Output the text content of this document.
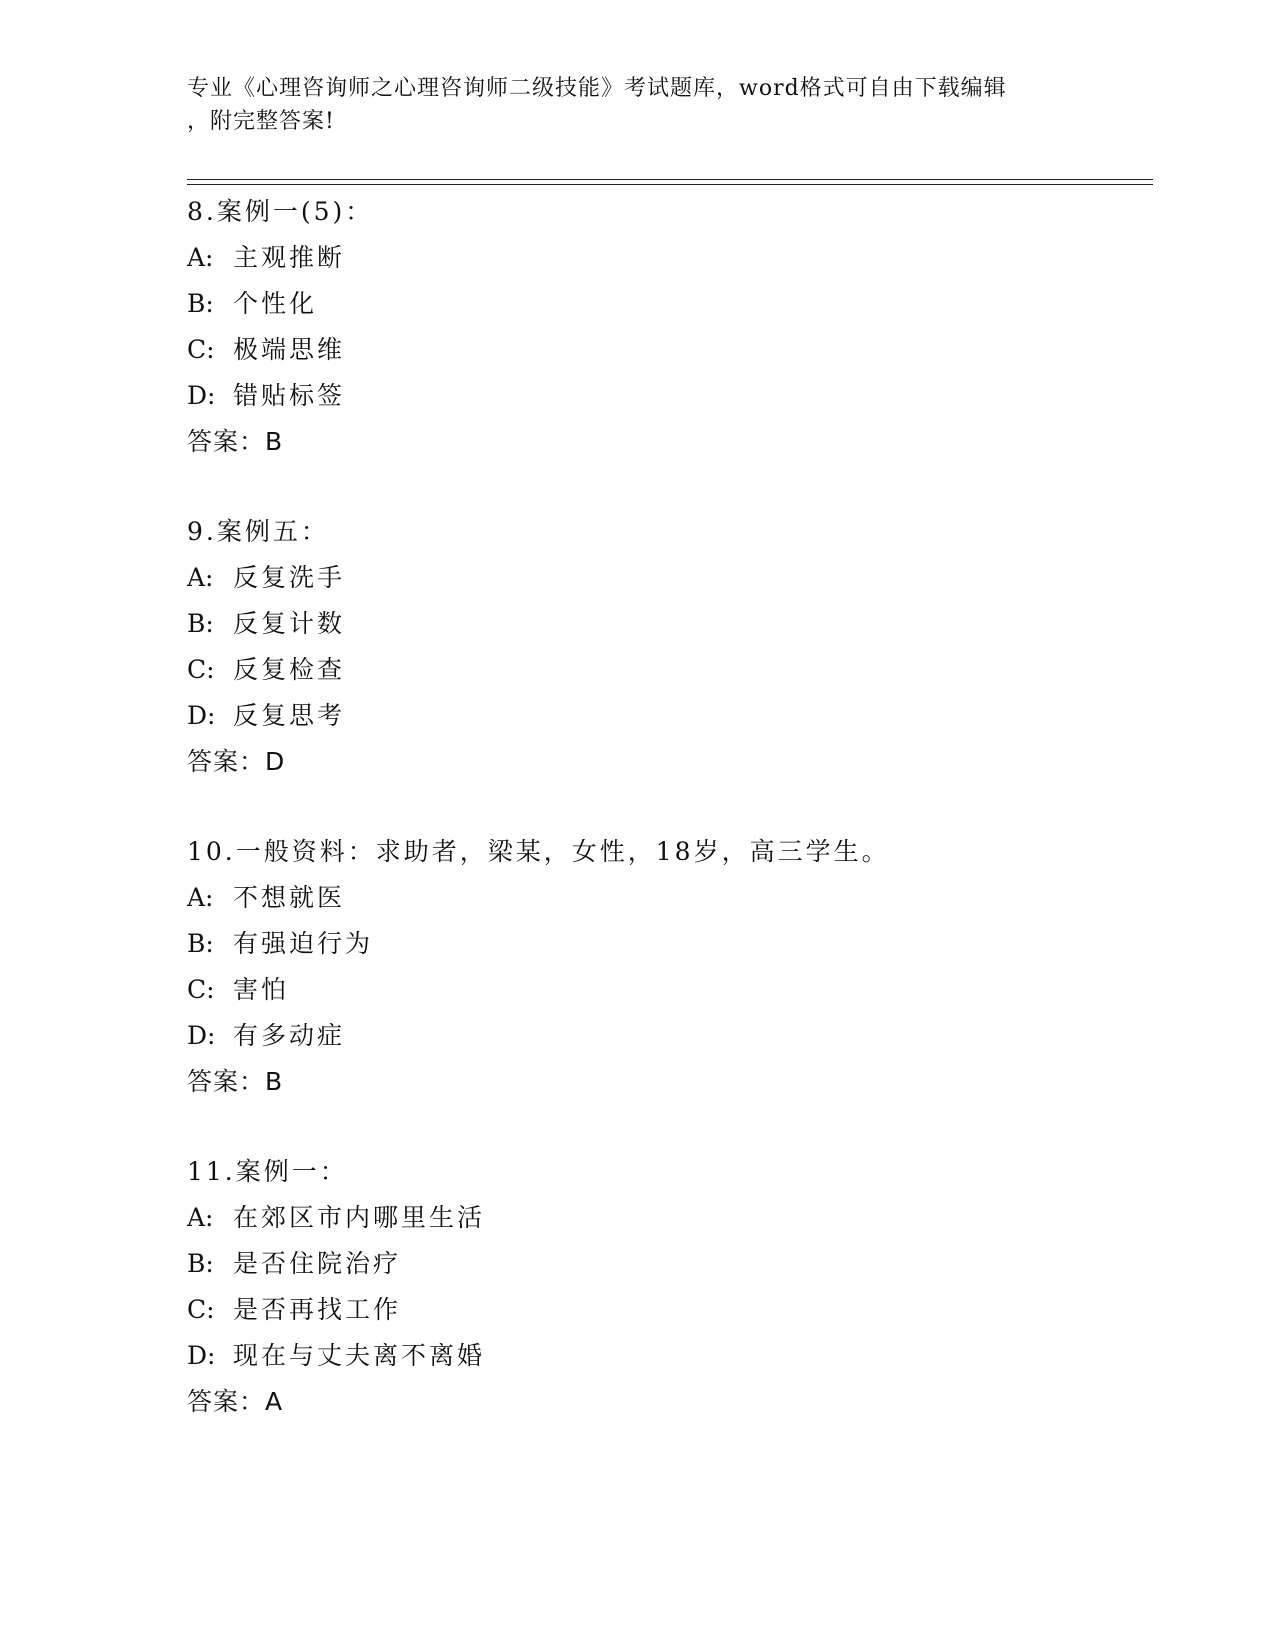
专业《心理咨询师之心理咨询师二级技能》考试题库，word格式可自由下载编辑
，附完整答案!
8.案例一(5)：
A: 主观推断
B: 个性化
C: 极端思维
D: 错贴标签
答案：B
9.案例五：
A: 反复洗手
B: 反复计数
C: 反复检查
D: 反复思考
答案：D
10.一般资料：求助者，梁某，女性，18岁，高三学生。
A: 不想就医
B: 有强迫行为
C: 害怕
D: 有多动症
答案：B
11.案例一：
A: 在郊区市内哪里生活
B: 是否住院治疗
C: 是否再找工作
D: 现在与丈夫离不离婚
答案：A
